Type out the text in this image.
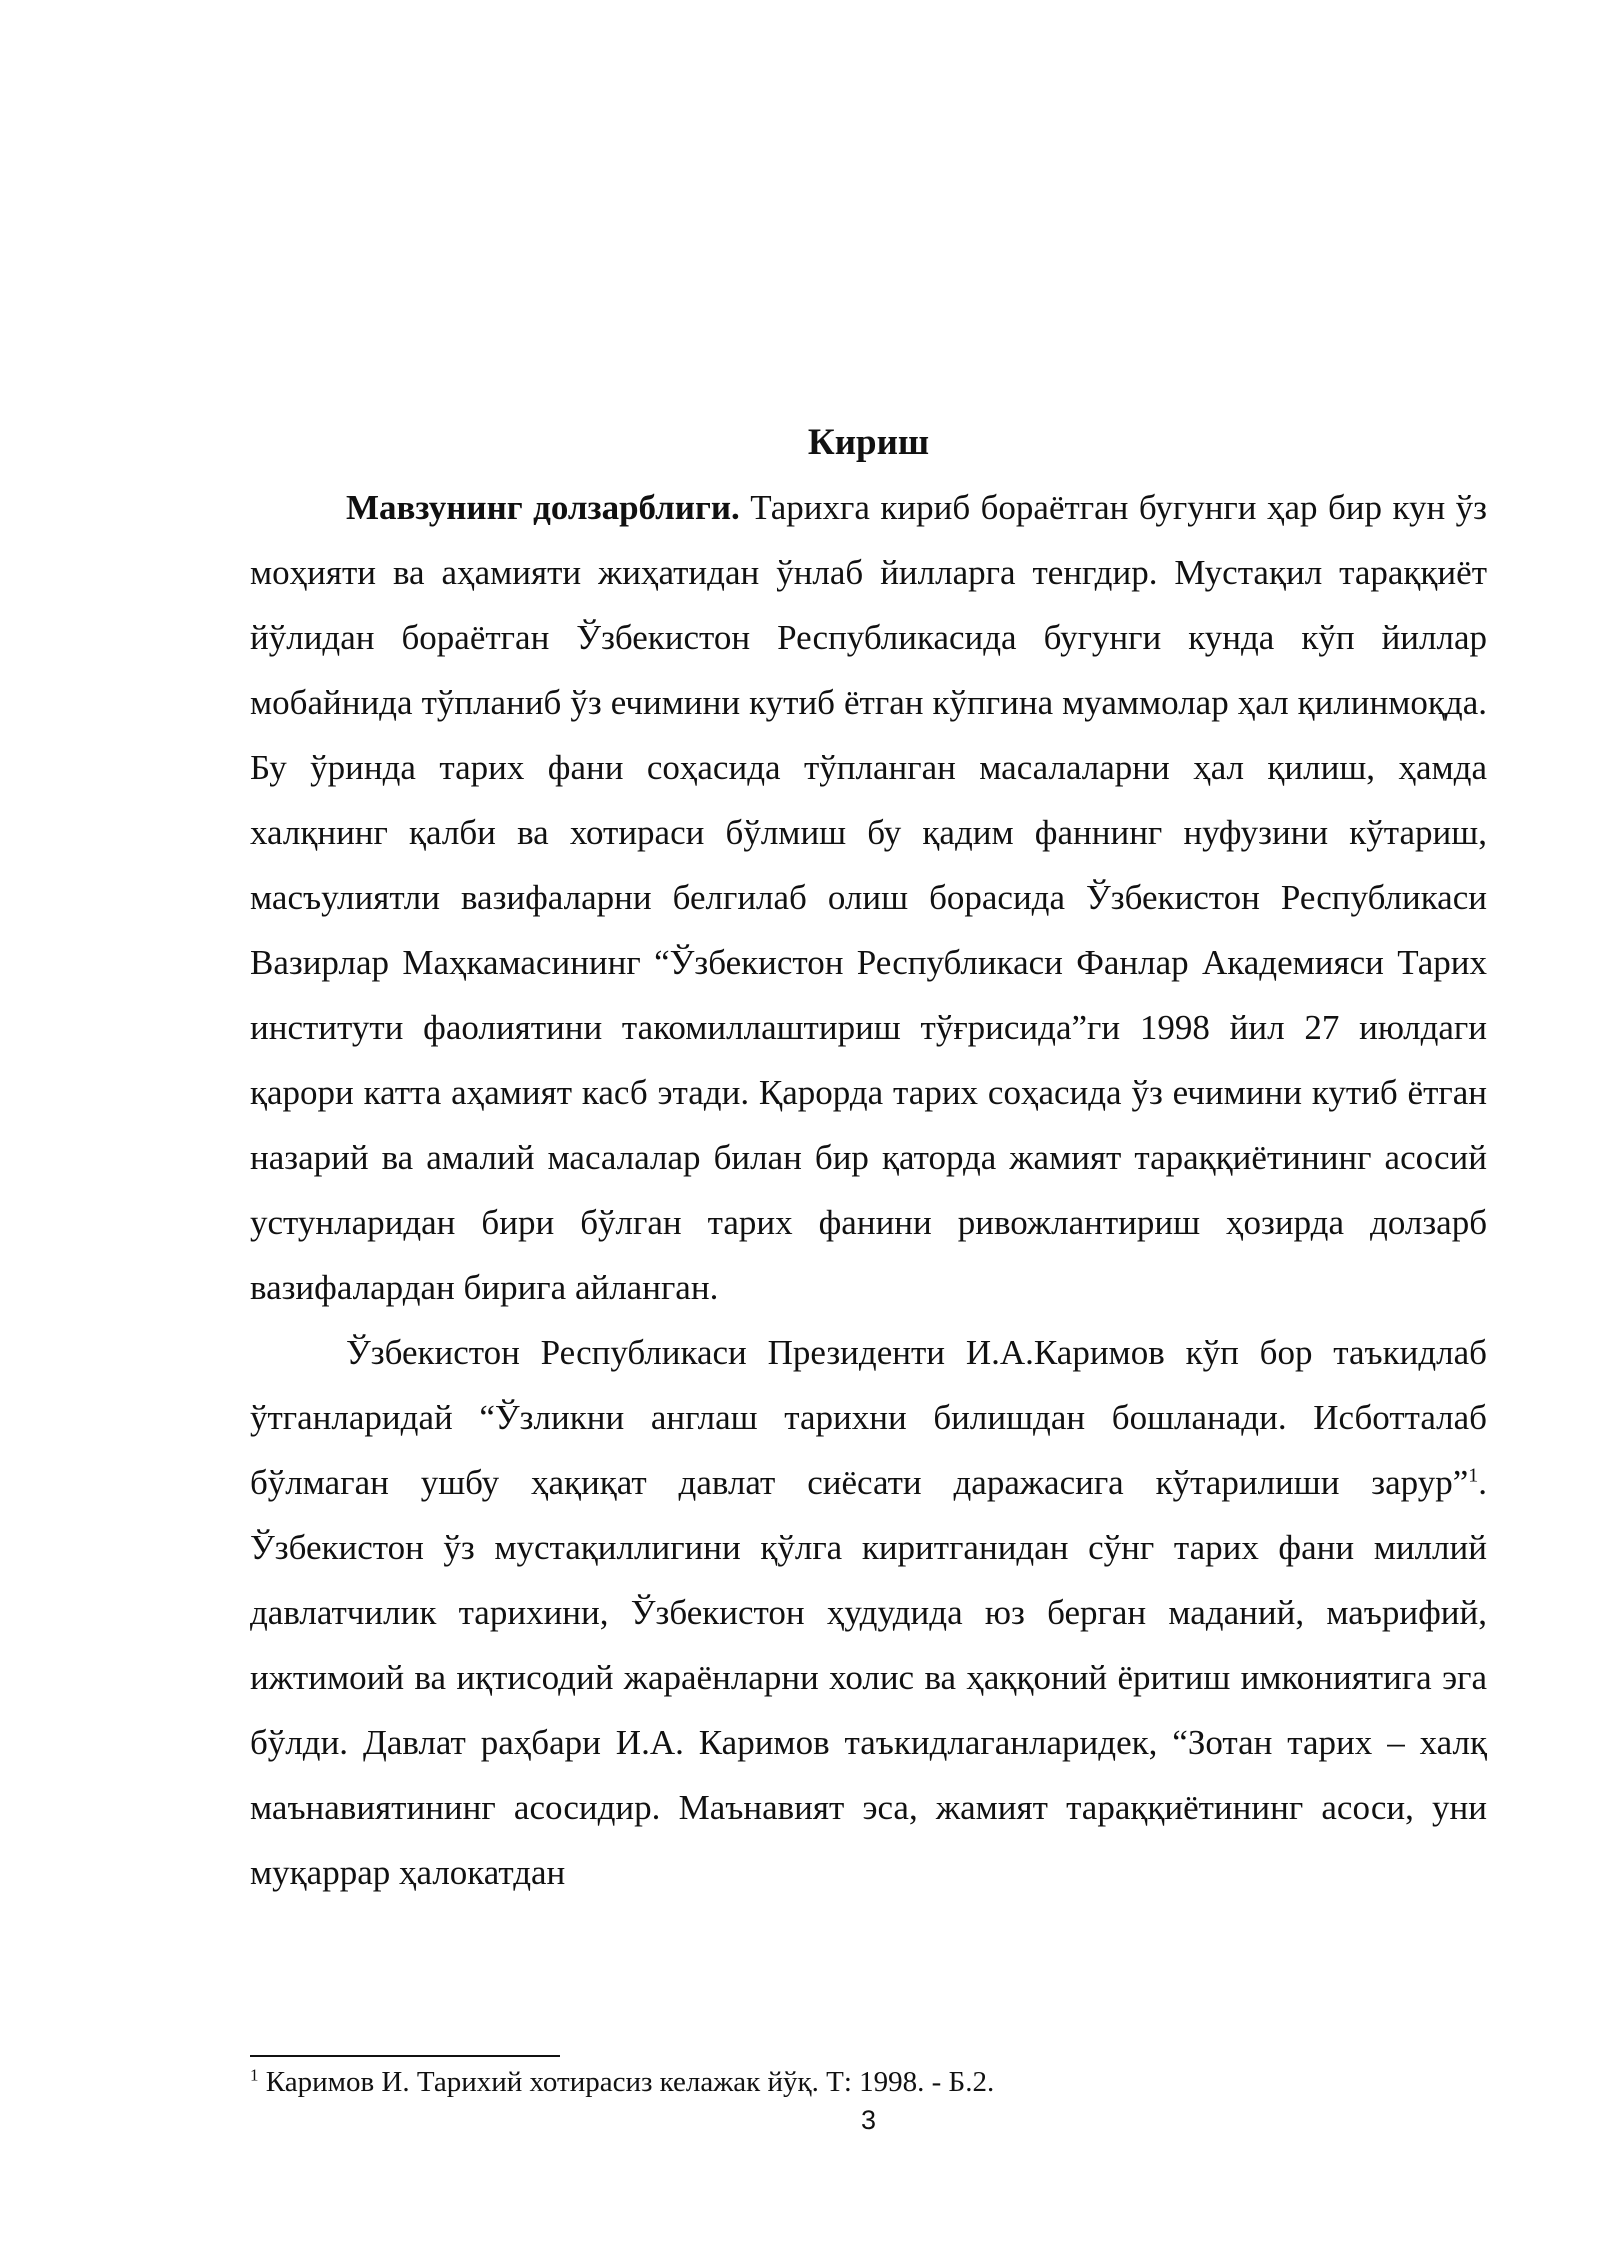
Кириш

Мавзунинг долзарблиги. Тарихга кириб бораётган бугунги ҳар бир кун ўз моҳияти ва аҳамияти жиҳатидан ўнлаб йилларга тенгдир. Мустақил тараққиёт йўлидан бораётган Ўзбекистон Республикасида бугунги кунда кўп йиллар мобайнида тўпланиб ўз ечимини кутиб ётган кўпгина муаммолар ҳал қилинмоқда. Бу ўринда тарих фани соҳасида тўпланган масалаларни ҳал қилиш, ҳамда халқнинг қалби ва хотираси бўлмиш бу қадим фаннинг нуфузини кўтариш, масъулиятли вазифаларни белгилаб олиш борасида Ўзбекистон Республикаси Вазирлар Маҳкамасининг “Ўзбекистон Республикаси Фанлар Академияси Тарих институти фаолиятини такомиллаштириш тўғрисида”ги 1998 йил 27 июлдаги қарори катта аҳамият касб этади. Қарорда тарих соҳасида ўз ечимини кутиб ётган назарий ва амалий масалалар билан бир қаторда жамият тараққиётининг асосий устунларидан бири бўлган тарих фанини ривожлантириш ҳозирда долзарб вазифалардан бирига айланган.

Ўзбекистон Республикаси Президенти И.А.Каримов кўп бор таъкидлаб ўтганларидай “Ўзликни англаш тарихни билишдан бошланади. Исботталаб бўлмаган ушбу ҳақиқат давлат сиёсати даражасига кўтарилиши зарур”$^1$. Ўзбекистон ўз мустақиллигини қўлга киритганидан сўнг тарих фани миллий давлатчилик тарихини, Ўзбекистон ҳудудида юз берган маданий, маърифий, ижтимоий ва иқтисодий жараёнларни холис ва ҳаққоний ёритиш имкониятига эга бўлди. Давлат раҳбари И.А. Каримов таъкидлаганларидек, “Зотан тарих – халқ маънавиятининг асосидир. Маънавият эса, жамият тараққиётининг асоси, уни муқаррар ҳалокатдан

$^1$ Каримов И. Тарихий хотирасиз келажак йўқ. Т: 1998. - Б.2.
3
